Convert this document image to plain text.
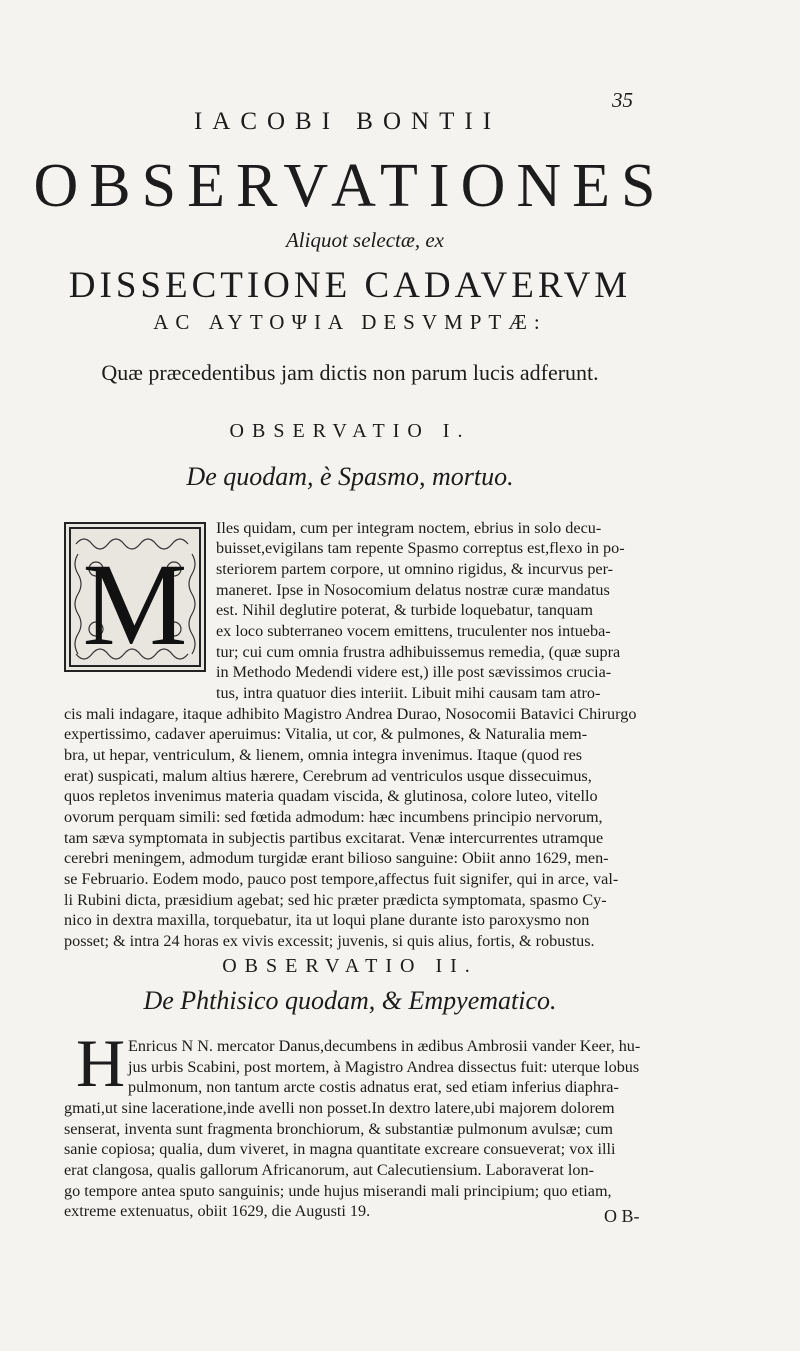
35
IACOBI BONTII
OBSERVATIONES
Aliquot selectæ, ex
DISSECTIONE CADAVERVM
AC ΑΥΤΟΨΙΑ DESVMPTÆ:
Quæ præcedentibus jam dictis non parum lucis adferunt.
OBSERVATIO I.
De quodam, è Spasmo, mortuo.
M
Iles quidam, cum per integram noctem, ebrius in solo decu-
buisset,evigilans tam repente Spasmo correptus est,flexo in po-
steriorem partem corpore, ut omnino rigidus, & incurvus per-
maneret. Ipse in Nosocomium delatus nostræ curæ mandatus
est. Nihil deglutire poterat, & turbide loquebatur, tanquam
ex loco subterraneo vocem emittens, truculenter nos intueba-
tur; cui cum omnia frustra adhibuissemus remedia, (quæ supra
in Methodo Medendi videre est,) ille post sævissimos crucia-
tus, intra quatuor dies interiit. Libuit mihi causam tam atro-
cis mali indagare, itaque adhibito Magistro Andrea Durao, Nosocomii Batavici Chirurgo
expertissimo, cadaver aperuimus: Vitalia, ut cor, & pulmones, & Naturalia mem-
bra, ut hepar, ventriculum, & lienem, omnia integra invenimus. Itaque (quod res
erat) suspicati, malum altius hærere, Cerebrum ad ventriculos usque dissecuimus,
quos repletos invenimus materia quadam viscida, & glutinosa, colore luteo, vitello
ovorum perquam simili: sed fœtida admodum: hæc incumbens principio nervorum,
tam sæva symptomata in subjectis partibus excitarat. Venæ intercurrentes utramque
cerebri meningem, admodum turgidæ erant bilioso sanguine: Obiit anno 1629, men-
se Februario. Eodem modo, pauco post tempore,affectus fuit signifer, qui in arce, val-
li Rubini dicta, præsidium agebat; sed hic præter prædicta symptomata, spasmo Cy-
nico in dextra maxilla, torquebatur, ita ut loqui plane durante isto paroxysmo non
posset; & intra 24 horas ex vivis excessit; juvenis, si quis alius, fortis, & robustus.
OBSERVATIO II.
De Phthisico quodam, & Empyematico.
H Enricus N N. mercator Danus,decumbens in ædibus Ambrosii vander Keer, hu-
jus urbis Scabini, post mortem, à Magistro Andrea dissectus fuit: uterque lobus
pulmonum, non tantum arcte costis adnatus erat, sed etiam inferius diaphra-
gmati,ut sine laceratione,inde avelli non posset.In dextro latere,ubi majorem dolorem
senserat, inventa sunt fragmenta bronchiorum, & substantiæ pulmonum avulsæ; cum
sanie copiosa; qualia, dum viveret, in magna quantitate excreare consueverat; vox illi
erat clangosa, qualis gallorum Africanorum, aut Calecutiensium. Laboraverat lon-
go tempore antea sputo sanguinis; unde hujus miserandi mali principium; quo etiam,
extreme extenuatus, obiit 1629, die Augusti 19.	O B-
